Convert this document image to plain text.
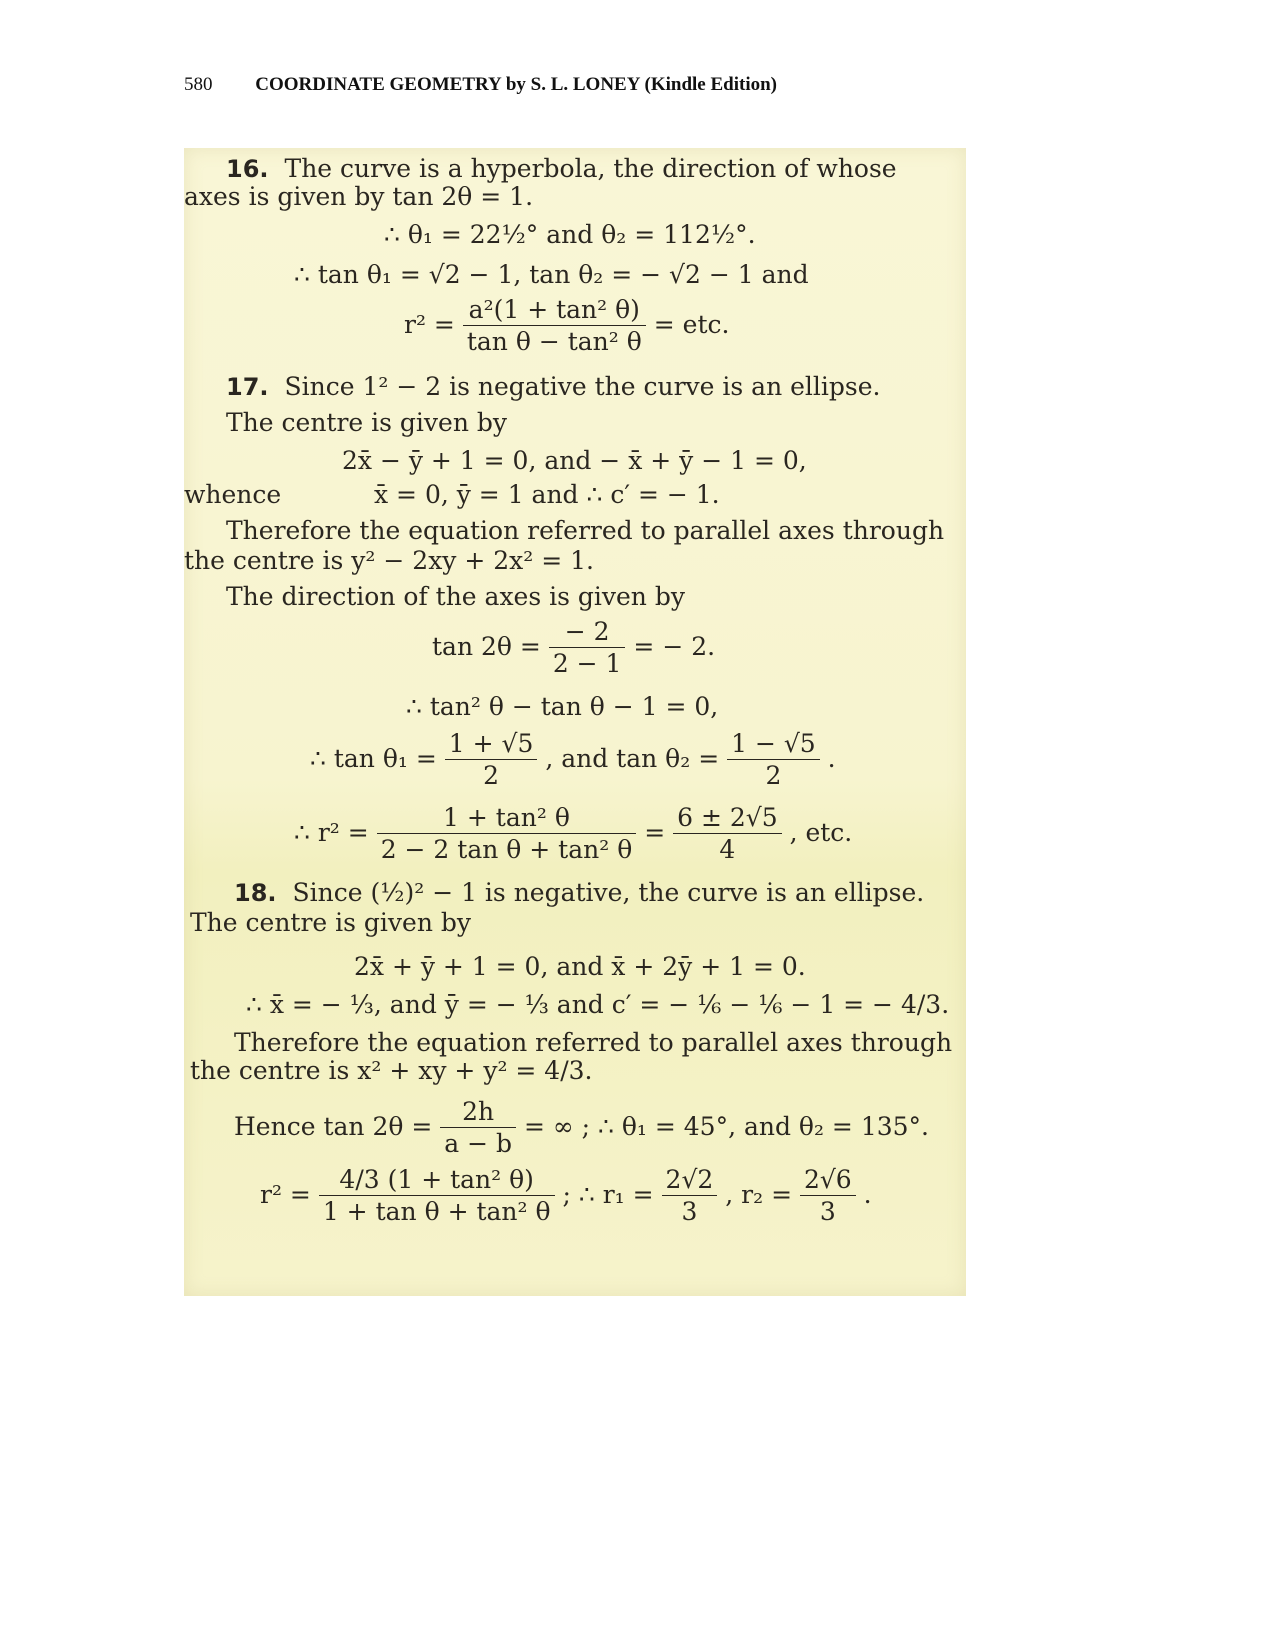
580 COORDINATE GEOMETRY by S. L. LONEY (Kindle Edition)
16. The curve is a hyperbola, the direction of whose
axes is given by tan 2θ = 1.
∴ θ₁ = 22½° and θ₂ = 112½°.
∴ tan θ₁ = √2 − 1, tan θ₂ = − √2 − 1 and
$r^2 = \frac{\text{a²(1 + tan² θ)}}{\text{tan θ − tan² θ}}$ = etc.
17. Since 1² − 2 is negative the curve is an ellipse.
The centre is given by
2x̄ − ȳ + 1 = 0, and − x̄ + ȳ − 1 = 0,
whence	x̄ = 0, ȳ = 1 and ∴ c′ = − 1.
Therefore the equation referred to parallel axes through
the centre is y² − 2xy + 2x² = 1.
The direction of the axes is given by
$\tan 2\theta = \frac{- 2}{2 - 1}$ = − 2.
∴ tan² θ − tan θ − 1 = 0,
∴ $\tan \theta_1 = \frac{1 + √5}{2}$ , and $\tan \theta_2 = \frac{1 - √5}{2}$ .
∴ $r^2 = \frac{\text{1 + tan² θ}}{\text{2 − 2 tan θ + tan² θ}} = \frac{6 \pm 2√5}{4}$ , etc.
18. Since (½)² − 1 is negative, the curve is an ellipse.
The centre is given by
2x̄ + ȳ + 1 = 0, and x̄ + 2ȳ + 1 = 0.
∴ x̄ = − ⅓, and ȳ = − ⅓ and c′ = − ⅙ − ⅙ − 1 = − 4/3.
Therefore the equation referred to parallel axes through
the centre is x² + xy + y² = 4/3.
Hence $\tan 2\theta = \frac{2h}{a - b}$ = ∞ ; ∴ θ₁ = 45°, and θ₂ = 135°.
$r^2 = \frac{\text{4/3 (1 + tan² θ)}}{\text{1 + tan θ + tan² θ}}$ ; ∴ $r_1 = \frac{2√2}{3}$ , $r_2 = \frac{2√6}{3}$ .
